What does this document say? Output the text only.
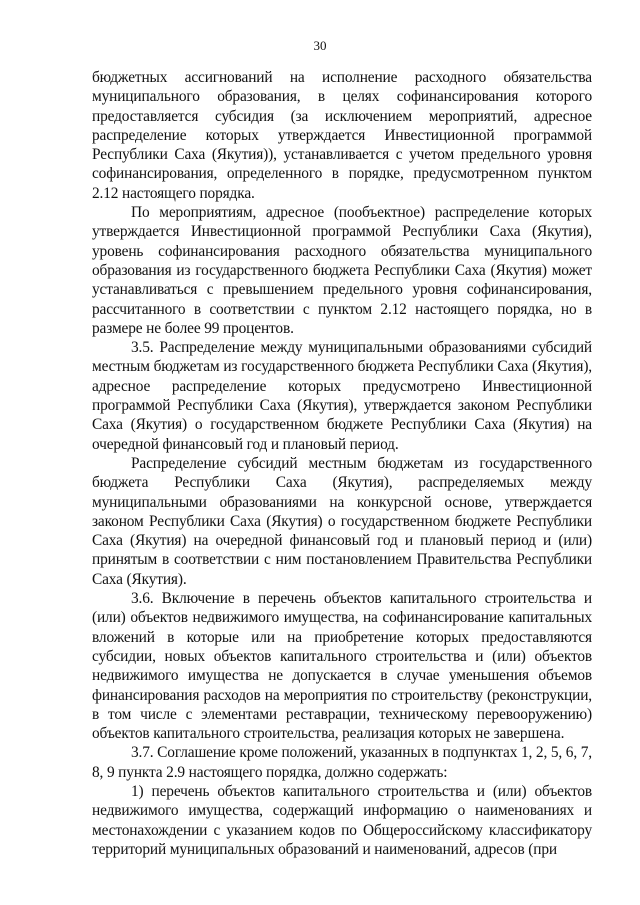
30

бюджетных ассигнований на исполнение расходного обязательства муниципального образования, в целях софинансирования которого предоставляется субсидия (за исключением мероприятий, адресное распределение которых утверждается Инвестиционной программой Республики Саха (Якутия)), устанавливается с учетом предельного уровня софинансирования, определенного в порядке, предусмотренном пунктом 2.12 настоящего порядка.

По мероприятиям, адресное (пообъектное) распределение которых утверждается Инвестиционной программой Республики Саха (Якутия), уровень софинансирования расходного обязательства муниципального образования из государственного бюджета Республики Саха (Якутия) может устанавливаться с превышением предельного уровня софинансирования, рассчитанного в соответствии с пунктом 2.12 настоящего порядка, но в размере не более 99 процентов.

3.5. Распределение между муниципальными образованиями субсидий местным бюджетам из государственного бюджета Республики Саха (Якутия), адресное распределение которых предусмотрено Инвестиционной программой Республики Саха (Якутия), утверждается законом Республики Саха (Якутия) о государственном бюджете Республики Саха (Якутия) на очередной финансовый год и плановый период.

Распределение субсидий местным бюджетам из государственного бюджета Республики Саха (Якутия), распределяемых между муниципальными образованиями на конкурсной основе, утверждается законом Республики Саха (Якутия) о государственном бюджете Республики Саха (Якутия) на очередной финансовый год и плановый период и (или) принятым в соответствии с ним постановлением Правительства Республики Саха (Якутия).

3.6. Включение в перечень объектов капитального строительства и (или) объектов недвижимого имущества, на софинансирование капитальных вложений в которые или на приобретение которых предоставляются субсидии, новых объектов капитального строительства и (или) объектов недвижимого имущества не допускается в случае уменьшения объемов финансирования расходов на мероприятия по строительству (реконструкции, в том числе с элементами реставрации, техническому перевооружению) объектов капитального строительства, реализация которых не завершена.

3.7. Соглашение кроме положений, указанных в подпунктах 1, 2, 5, 6, 7, 8, 9 пункта 2.9 настоящего порядка, должно содержать:

1) перечень объектов капитального строительства и (или) объектов недвижимого имущества, содержащий информацию о наименованиях и местонахождении с указанием кодов по Общероссийскому классификатору территорий муниципальных образований и наименований, адресов (при
